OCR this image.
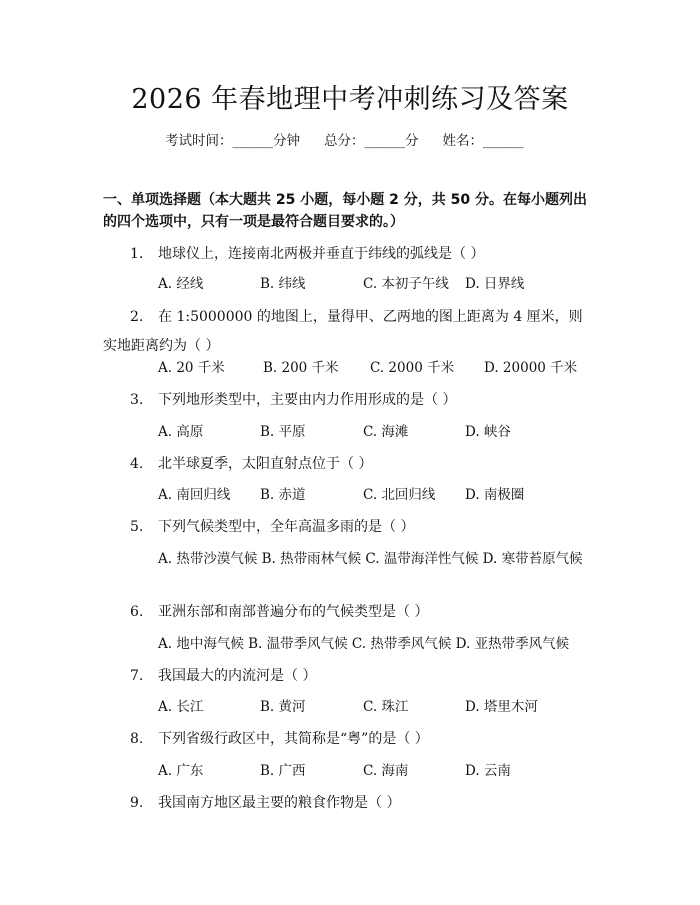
2026 年春地理中考冲刺练习及答案
考试时间：______分钟 总分：______分 姓名：______
一、单项选择题（本大题共 25 小题，每小题 2 分，共 50 分。在每小题列出的四个选项中，只有一项是最符合题目要求的。）
1. 地球仪上，连接南北两极并垂直于纬线的弧线是（ ）
A. 经线	B. 纬线	C. 本初子午线 D. 日界线
2. 在 1:5000000 的地图上，量得甲、乙两地的图上距离为 4 厘米，则实地距离约为（ ）
A. 20 千米	B. 200 千米 C. 2000 千米 D. 20000 千米
3. 下列地形类型中，主要由内力作用形成的是（ ）
A. 高原	B. 平原	C. 海滩	D. 峡谷
4. 北半球夏季，太阳直射点位于（ ）
A. 南回归线 B. 赤道	C. 北回归线 D. 南极圈
5. 下列气候类型中，全年高温多雨的是（ ）
A. 热带沙漠气候 B. 热带雨林气候 C. 温带海洋性气候 D. 寒带苔原气候
6. 亚洲东部和南部普遍分布的气候类型是（ ）
A. 地中海气候 B. 温带季风气候 C. 热带季风气候 D. 亚热带季风气候
7. 我国最大的内流河是（ ）
A. 长江	B. 黄河	C. 珠江	D. 塔里木河
8. 下列省级行政区中，其简称是“粤”的是（ ）
A. 广东	B. 广西	C. 海南	D. 云南
9. 我国南方地区最主要的粮食作物是（ ）
